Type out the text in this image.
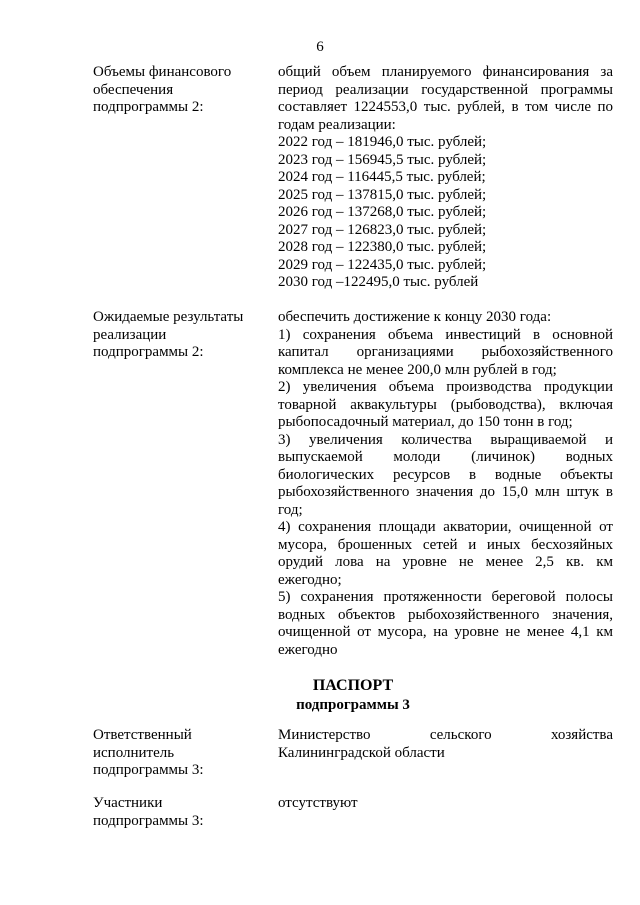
6
Объемы финансового
обеспечения
подпрограммы 2:
общий объем планируемого финансирования за период реализации государственной программы составляет 1224553,0 тыс. рублей, в том числе по годам реализации:
2022 год – 181946,0 тыс. рублей;
2023 год – 156945,5 тыс. рублей;
2024 год – 116445,5 тыс. рублей;
2025 год – 137815,0 тыс. рублей;
2026 год – 137268,0 тыс. рублей;
2027 год – 126823,0 тыс. рублей;
2028 год – 122380,0 тыс. рублей;
2029 год – 122435,0 тыс. рублей;
2030 год –122495,0 тыс. рублей
Ожидаемые результаты
реализации
подпрограммы 2:
обеспечить достижение к концу 2030 года:
1) сохранения объема инвестиций в основной капитал организациями рыбохозяйственного комплекса не менее 200,0 млн рублей в год;
2) увеличения объема производства продукции товарной аквакультуры (рыбоводства), включая рыбопосадочный материал, до 150 тонн в год;
3) увеличения количества выращиваемой и выпускаемой молоди (личинок) водных биологических ресурсов в водные объекты рыбохозяйственного значения до 15,0 млн штук в год;
4) сохранения площади акватории, очищенной от мусора, брошенных сетей и иных бесхозяйных орудий лова на уровне не менее 2,5 кв. км ежегодно;
5) сохранения протяженности береговой полосы водных объектов рыбохозяйственного значения, очищенной от мусора, на уровне не менее 4,1 км ежегодно
ПАСПОРТ
подпрограммы 3
Ответственный
исполнитель
подпрограммы 3:
Министерство	сельского	хозяйства
Калининградской области
Участники
подпрограммы 3:
отсутствуют
